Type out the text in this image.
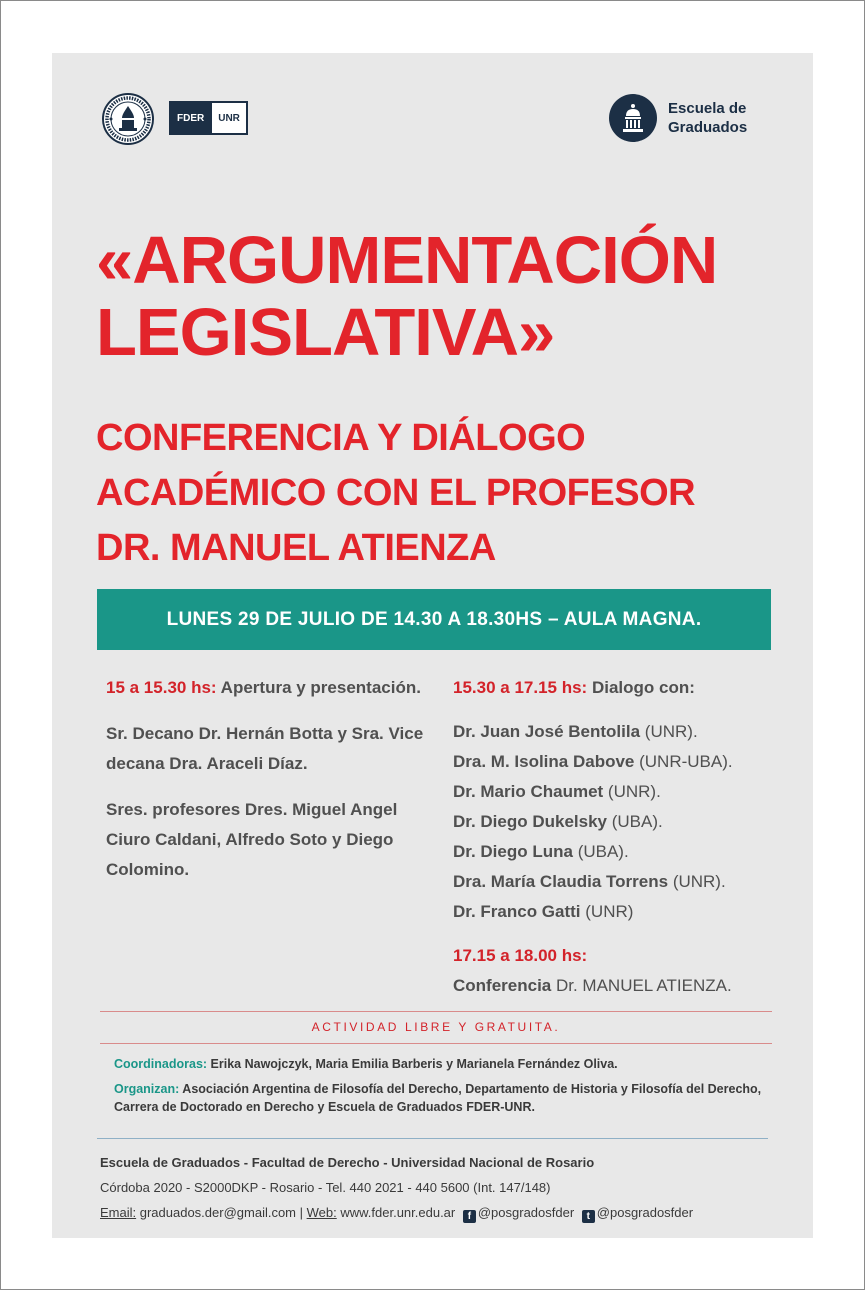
FDER	UNR
Escuela de
Graduados
«ARGUMENTACIÓN
LEGISLATIVA»
CONFERENCIA Y DIÁLOGO
ACADÉMICO CON EL PROFESOR
DR. MANUEL ATIENZA
LUNES 29 DE JULIO DE 14.30 A 18.30HS – AULA MAGNA.
15 a 15.30 hs: Apertura y presentación.
Sr. Decano Dr. Hernán Botta y Sra. Vice decana Dra. Araceli Díaz.
Sres. profesores Dres. Miguel Angel Ciuro Caldani, Alfredo Soto y Diego Colomino.
15.30 a 17.15 hs: Dialogo con:
Dr. Juan José Bentolila (UNR).
Dra. M. Isolina Dabove (UNR-UBA).
Dr. Mario Chaumet (UNR).
Dr. Diego Dukelsky (UBA).
Dr. Diego Luna (UBA).
Dra. María Claudia Torrens (UNR).
Dr. Franco Gatti (UNR)
17.15 a 18.00 hs:
Conferencia Dr. MANUEL ATIENZA.
ACTIVIDAD LIBRE Y GRATUITA.
Coordinadoras: Erika Nawojczyk, Maria Emilia Barberis y Marianela Fernández Oliva.
Organizan: Asociación Argentina de Filosofía del Derecho, Departamento de Historia y Filosofía del Derecho, Carrera de Doctorado en Derecho y Escuela de Graduados FDER-UNR.
Escuela de Graduados - Facultad de Derecho - Universidad Nacional de Rosario
Córdoba 2020 - S2000DKP - Rosario - Tel. 440 2021 - 440 5600 (Int. 147/148)
Email: graduados.der@gmail.com | Web: www.fder.unr.edu.ar f @posgradosfder t @posgradosfder
